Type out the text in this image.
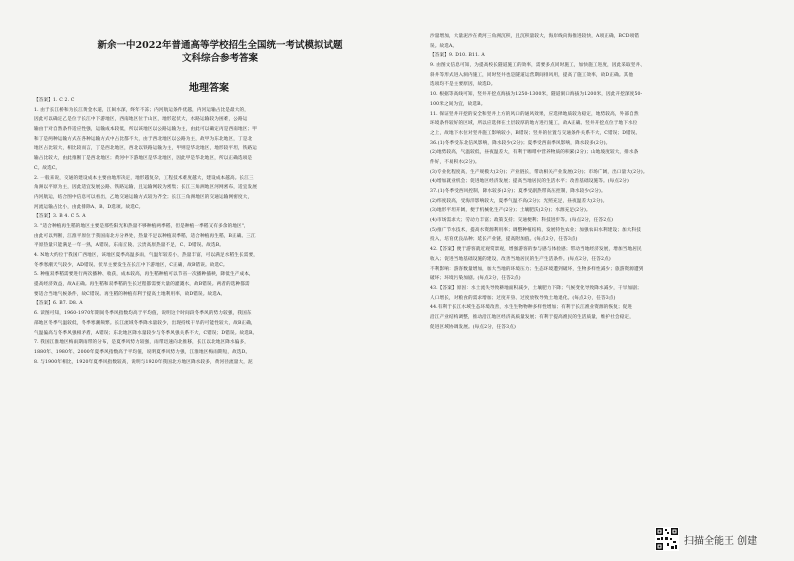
新余一中2022年普通高等学校招生全国统一考试模拟试题
文科综合参考答案
地理答案
【答案】1. C 2. C
1. 由于长江桥和为长江黄金水道，江闽水深，终年不冻；内河航运条件优越，内河运输占比是最大的，
因此可以确定乙是位于长江中下游地区，西南地区位于山区，地形起伏大，水路运输较为困难，公路运
输由于对自然条件适应性强，运输成本较低，所以该地区以公路运输为主，由此可以确定丙是西南地区；甲
和丁是两种运输方式在各种运输方式中占比都不大，由于西北地区以公路为主，故甲为东北地区，丁是北
地区占比较大，相比较而言，丁是西北地区，西北以铁路运输为主，甲则是华北地区，地形较平坦，铁路运
输占比较大，由此推断丁是西北地区；黄河中下游地区是华北地区，因此甲是华北地区，所以正确选项是
C。故选C。
2. 一般来说，交通的建设成本主要由地形决定，地形越复杂，工程技术难度越大，建设成本越高。长江三
角洲以平原为主，因此适宜发展公路、铁路运输，且运输网较为密集；长江三角洲地区河网密布，适宜发展
内河航运，结合图中信息可以看出，乙地交通运输方式较为齐全；长江三角洲地区的交通运输网密度大，
河流运输占比小，由此排除A、B、D选项。故选C。
【答案】3. B 4. C 5. A
3. "适合种植再生稻的地区主要是那些阳光和热量不够种植两季稻，但是种植一季稻又有多余的地区"，
由此可以判断，江淮平原位于我国南北方分界处，热量不足以种植双季稻，适合种植再生稻，B正确。三江
平原热量只能满足一年一熟，A错误。东南丘陵、云贵高原热量不足，C、D错误。故选B。
4. N地大约位于我国广西地区，该地区夏季高温多雨，气温年较差小，热量丰富，可以满足水稻生长需要，
冬季寒潮天气较少，AD错误。伏旱主要发生在长江中下游地区，C正确，故B错误。故选C。
5. 种植双季稻需要进行两次播种、收获，成本较高，再生稻种植可以节省一次播种插秧，降低生产成本，
提高经济效益，故A正确。再生稻和双季稻的生长过程都需要大量的灌溉水，故B错误。两者的选种都需
要适合当地气候条件，故C错误。再生稻的种植有利于提高土地利用率，故D错误。故选A。
【答案】6. B7. D8. A
6. 读图可知，1960-1970年期间冬季风指数均高于平均值，说明这个时间段冬季风的势力较强，我国东
部地区冬季气温较低，冬季寒潮频繁。长江流域冬季降水量较少，出现持续干旱的可能性较大，故B正确，
气温偏高与冬季风强相矛盾，A错误；东北地区降水量较少与冬季风强关系不大，C错误；D错误。故选B。
7. 我国江淮地区梅雨期雨带的分布，是夏季风势力较强，雨带迅速向北推移，长江以北地区降水偏多，
1880年、1980年、2000年夏季风指数高于平均值，说明夏季风势力强，江淮地区梅雨期短，故选D。
8. 与1900年相比，1920年夏季风指数较高，说明与1920年我国北方地区降水较多，黄河径流量大，泥
沙量增加，大量泥沙在黄河三角洲沉积，且沉积量较大，海岸线向海推进较快，A项正确，BCD项错
误。故选A。
【答案】9. D10. B11. A
9. 由图文信息可知，为提高校长隧道施工的效率，需要多点同时施工，加快施工进度，因此采取竖井、
斜井等形式进入洞内施工，同时竖井也是隧道运营期间排风用，提高了施工效率，故D正确。其他
选项均不是主要原因，故选D。
10. 根据等高线可知，竖井开挖点海拔为1250-1300米，隧道洞口海拔为1200米，因此开挖深度50-
100米之间为宜，故选B。
11. 保证竖井开挖的安全和竖井上方的风口的通风效果，应选择地质较为稳定，地势较高，外部自然
环境条件较好的区域，所以应选择在土层较厚的地方进行施工，故A正确。竖井开挖点位于地下水位
之上，故地下水位对竖井施工影响较小，B错误；竖井的位置与交通条件关系不大，C错误；D错误。
36.(1)冬季受东北信风影响，降水较少(2分)；夏季受西南季风影响，降水较多(2分)。
(2)地势较高，气温较低，昼夜温差大，有利于咖啡中营养物质的积累(2分)；山地坡度较大，排水条
件好，不易积水(2分)。
(3)专业化程度高，生产规模大(2分)；产业链长，带动相关产业发展(2分)；市场广阔，出口量大(2分)。
(4)增加就业机会；促进地区经济发展；提高当地居民的生活水平；改善基础设施等。(每点2分)
37.(1)冬季受西风控制，降水较多(2分)；夏季受副热带高压控制，降水较少(2分)。
(2)纬度较高，受海洋影响较大，夏季气温不高(2分)；光照充足，昼夜温差大(2分)。
(3)地形平坦开阔，便于机械化生产(2分)；土壤肥沃(2分)；水源充足(2分)。
(4)市场需求大；劳动力丰富；政策支持；交通便利；科技进步等。(每点2分，任答2点)
(5)推广节水技术，提高水资源利用率；调整种植结构，发展特色农业；加强农田水利建设；加大科技
投入，培育优良品种；延长产业链，提高附加值。(每点2分，任答3点)
42.【答案】便于游客就近观赏景观，增强游客的参与感与体验感；带动当地经济发展，增加当地居民
收入；促进当地基础设施的建设，改善当地居民的生产生活条件。(每点2分，任答2点)
不利影响：游客数量增加，加大当地的环境压力；生态环境遭到破坏，生物多样性减少；旅游资源遭到
破坏；环境污染加剧。(每点2分，任答2点)
43.【答案】原因：水土流失导致耕地面积减少，土壤肥力下降；气候变化导致降水减少，干旱加剧；
人口增长，对粮食的需求增加；过度开垦、过度放牧导致土地退化。(每点2分，任答3点)
44.有利于长江水域生态环境改善，水生生物物种多样性增加；有利于长江渔业资源的恢复；促进
沿江产业结构调整，推动沿江地区经济高质量发展；有利于提高渔民的生活质量，维护社会稳定，
促进区域协调发展。(每点2分，任答3点)
扫描全能王 创建
